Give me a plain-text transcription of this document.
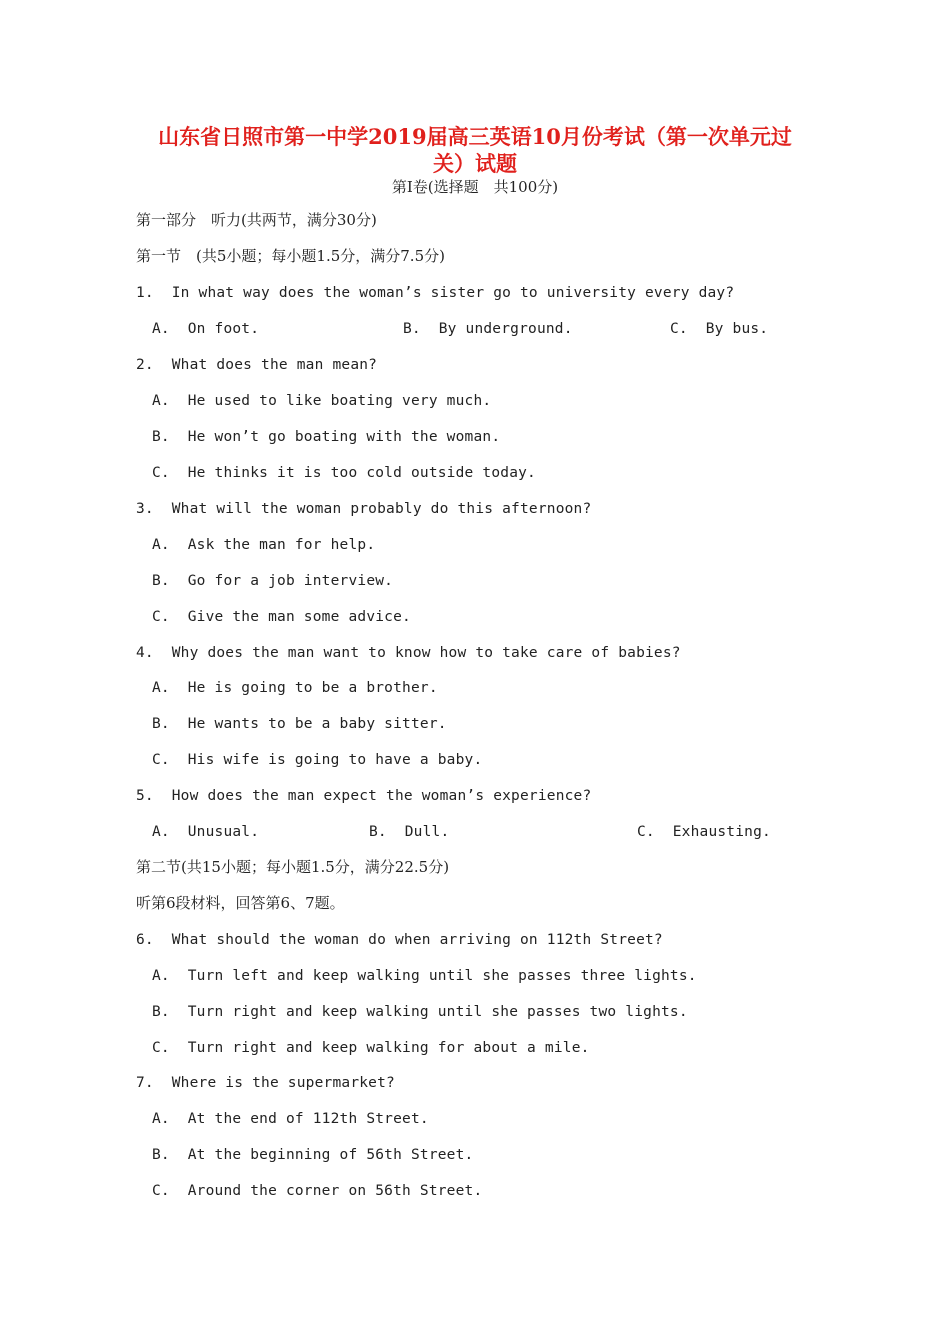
山东省日照市第一中学2019届高三英语10月份考试（第一次单元过
关）试题
第Ⅰ卷(选择题　共100分)
第一部分　听力(共两节，满分30分)
第一节　(共5小题；每小题1.5分，满分7.5分)
1.  In what way does the woman’s sister go to university every day?
A.  On foot.	B.  By underground.	C.  By bus.
2.  What does the man mean?
A.  He used to like boating very much.
B.  He won’t go boating with the woman.
C.  He thinks it is too cold outside today.
3.  What will the woman probably do this afternoon?
A.  Ask the man for help.
B.  Go for a job interview.
C.  Give the man some advice.
4.  Why does the man want to know how to take care of babies?
A.  He is going to be a brother.
B.  He wants to be a baby sitter.
C.  His wife is going to have a baby.
5.  How does the man expect the woman’s experience?
A.  Unusual.	B.  Dull.	C.  Exhausting.
第二节(共15小题；每小题1.5分，满分22.5分)
听第6段材料，回答第6、7题。
6.  What should the woman do when arriving on 112th Street?
A.  Turn left and keep walking until she passes three lights.
B.  Turn right and keep walking until she passes two lights.
C.  Turn right and keep walking for about a mile.
7.  Where is the supermarket?
A.  At the end of 112th Street.
B.  At the beginning of 56th Street.
C.  Around the corner on 56th Street.
